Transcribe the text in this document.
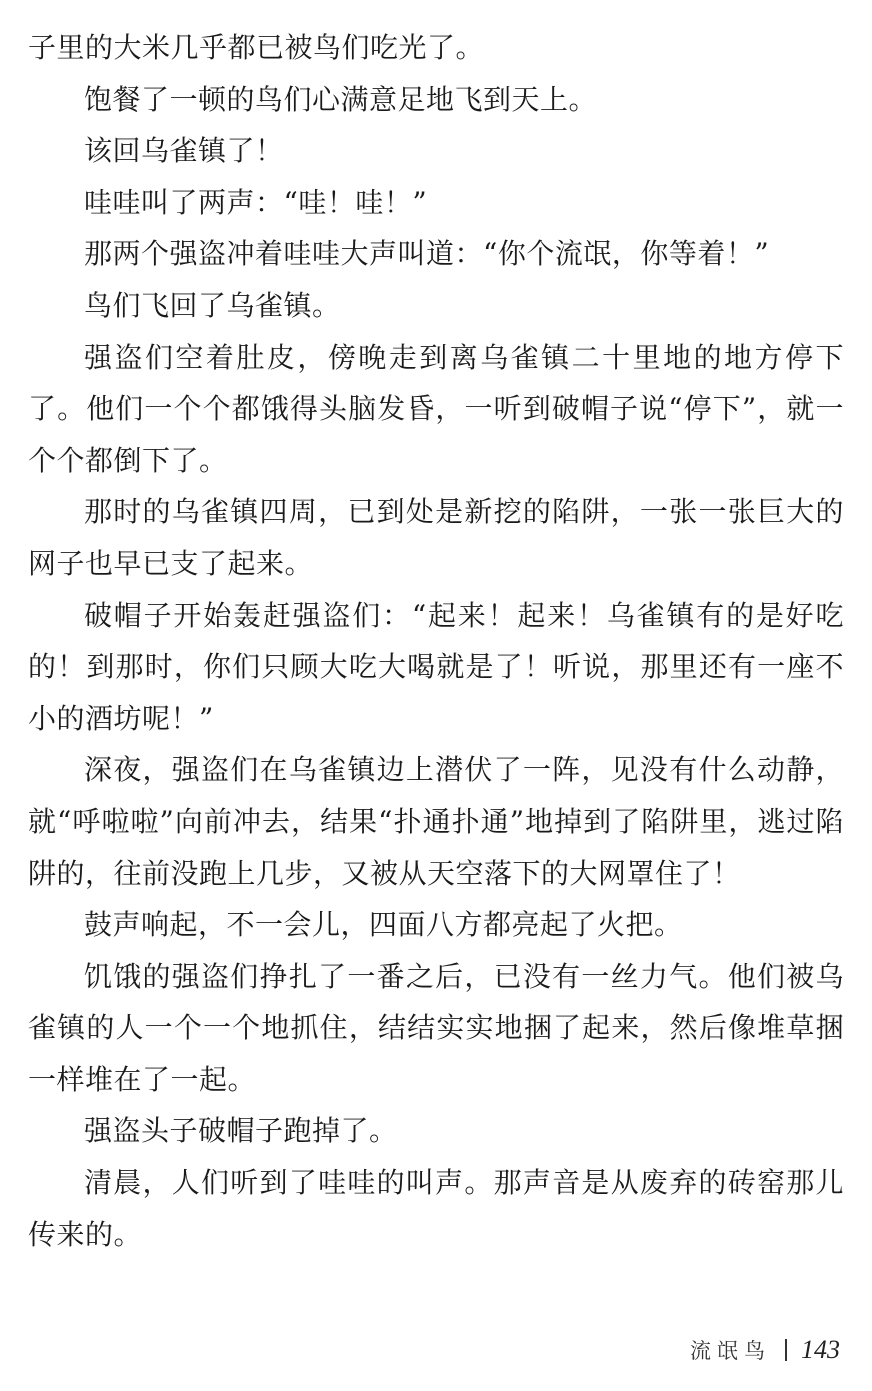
子里的大米几乎都已被鸟们吃光了。

饱餐了一顿的鸟们心满意足地飞到天上。

该回乌雀镇了！

哇哇叫了两声：“哇！哇！”

那两个强盗冲着哇哇大声叫道：“你个流氓，你等着！”

鸟们飞回了乌雀镇。

强盗们空着肚皮，傍晚走到离乌雀镇二十里地的地方停下了。他们一个个都饿得头脑发昏，一听到破帽子说“停下”，就一个个都倒下了。

那时的乌雀镇四周，已到处是新挖的陷阱，一张一张巨大的网子也早已支了起来。

破帽子开始轰赶强盗们：“起来！起来！乌雀镇有的是好吃的！到那时，你们只顾大吃大喝就是了！听说，那里还有一座不小的酒坊呢！”

深夜，强盗们在乌雀镇边上潜伏了一阵，见没有什么动静，就“呼啦啦”向前冲去，结果“扑通扑通”地掉到了陷阱里，逃过陷阱的，往前没跑上几步，又被从天空落下的大网罩住了！

鼓声响起，不一会儿，四面八方都亮起了火把。

饥饿的强盗们挣扎了一番之后，已没有一丝力气。他们被乌雀镇的人一个一个地抓住，结结实实地捆了起来，然后像堆草捆一样堆在了一起。

强盗头子破帽子跑掉了。

清晨，人们听到了哇哇的叫声。那声音是从废弃的砖窑那儿传来的。

流氓鸟 143
